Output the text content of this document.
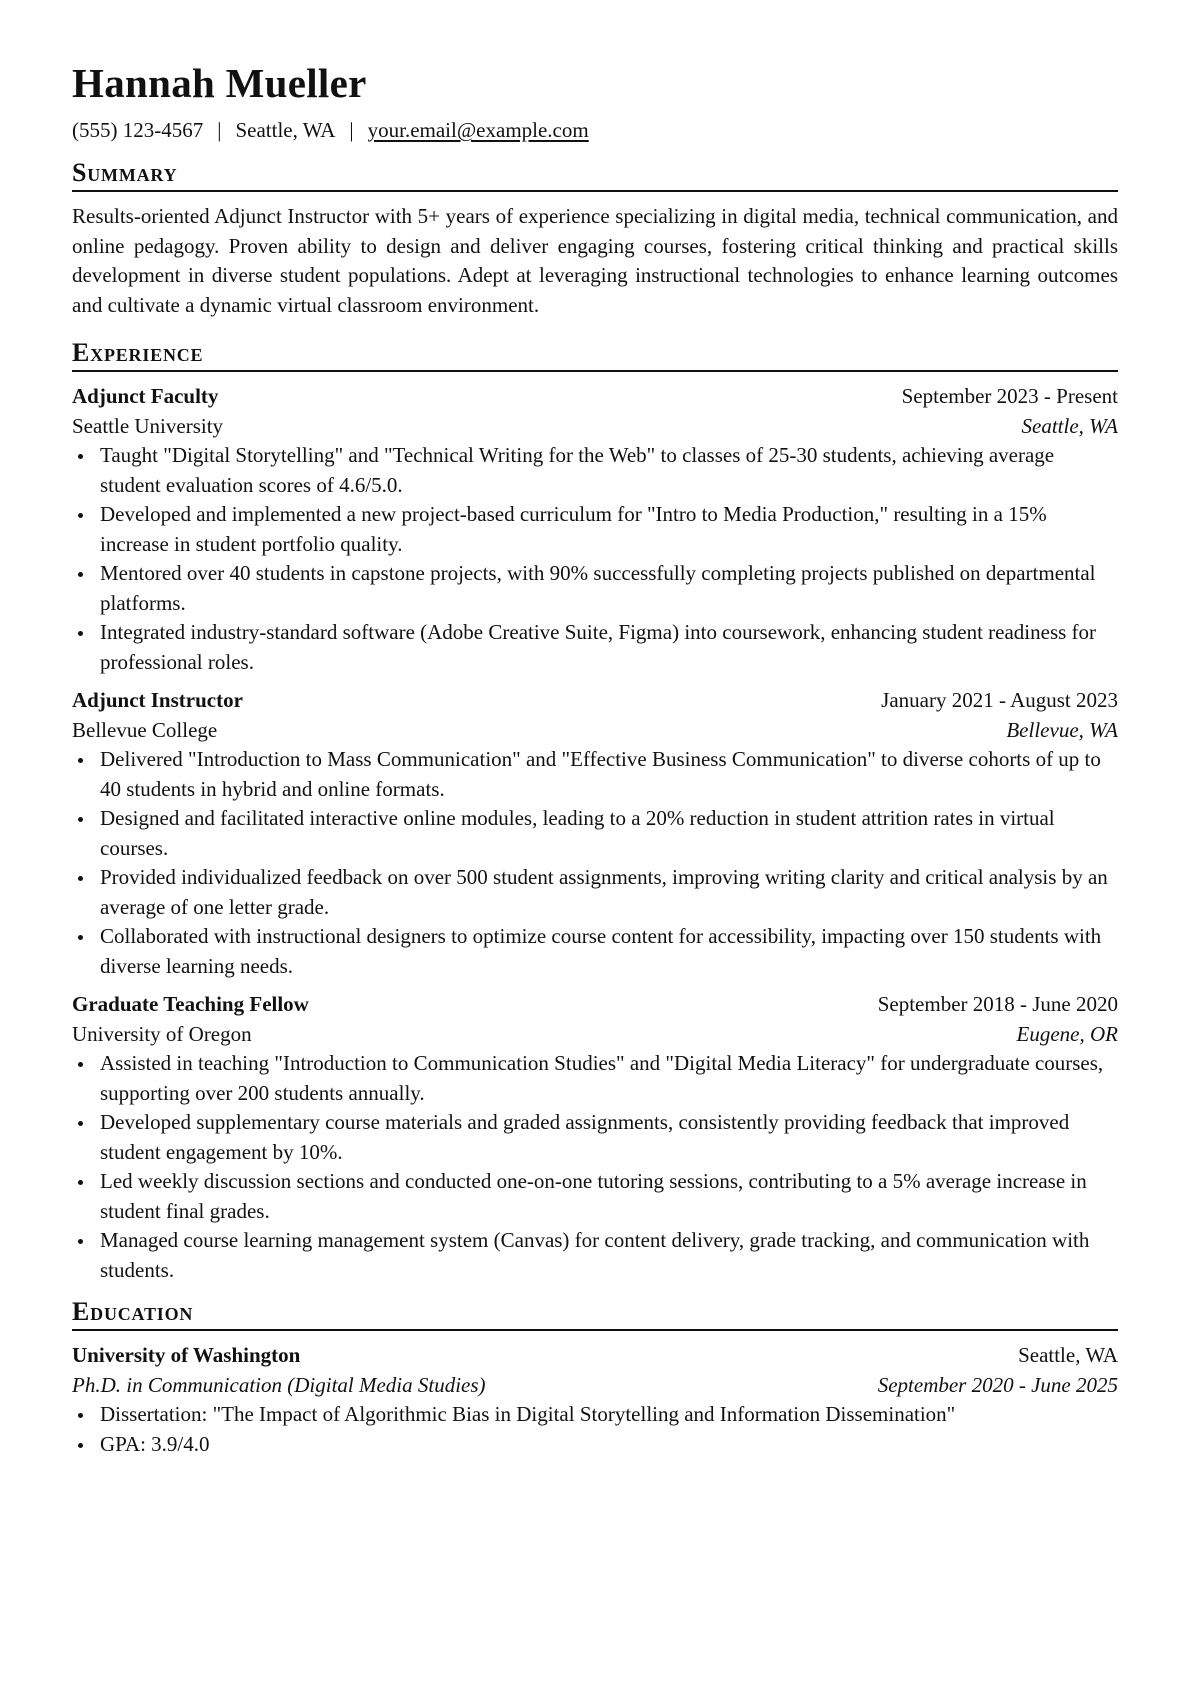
Hannah Mueller
(555) 123-4567 | Seattle, WA | your.email@example.com
Summary
Results-oriented Adjunct Instructor with 5+ years of experience specializing in digital media, technical communication, and online pedagogy. Proven ability to design and deliver engaging courses, fostering critical thinking and practical skills development in diverse student populations. Adept at leveraging instructional technologies to enhance learning outcomes and cultivate a dynamic virtual classroom environment.
Experience
Adjunct Faculty	September 2023 - Present
Seattle University	Seattle, WA
Taught "Digital Storytelling" and "Technical Writing for the Web" to classes of 25-30 students, achieving average student evaluation scores of 4.6/5.0.
Developed and implemented a new project-based curriculum for "Intro to Media Production," resulting in a 15% increase in student portfolio quality.
Mentored over 40 students in capstone projects, with 90% successfully completing projects published on departmental platforms.
Integrated industry-standard software (Adobe Creative Suite, Figma) into coursework, enhancing student readiness for professional roles.
Adjunct Instructor	January 2021 - August 2023
Bellevue College	Bellevue, WA
Delivered "Introduction to Mass Communication" and "Effective Business Communication" to diverse cohorts of up to 40 students in hybrid and online formats.
Designed and facilitated interactive online modules, leading to a 20% reduction in student attrition rates in virtual courses.
Provided individualized feedback on over 500 student assignments, improving writing clarity and critical analysis by an average of one letter grade.
Collaborated with instructional designers to optimize course content for accessibility, impacting over 150 students with diverse learning needs.
Graduate Teaching Fellow	September 2018 - June 2020
University of Oregon	Eugene, OR
Assisted in teaching "Introduction to Communication Studies" and "Digital Media Literacy" for undergraduate courses, supporting over 200 students annually.
Developed supplementary course materials and graded assignments, consistently providing feedback that improved student engagement by 10%.
Led weekly discussion sections and conducted one-on-one tutoring sessions, contributing to a 5% average increase in student final grades.
Managed course learning management system (Canvas) for content delivery, grade tracking, and communication with students.
Education
University of Washington	Seattle, WA
Ph.D. in Communication (Digital Media Studies)	September 2020 - June 2025
Dissertation: "The Impact of Algorithmic Bias in Digital Storytelling and Information Dissemination"
GPA: 3.9/4.0
